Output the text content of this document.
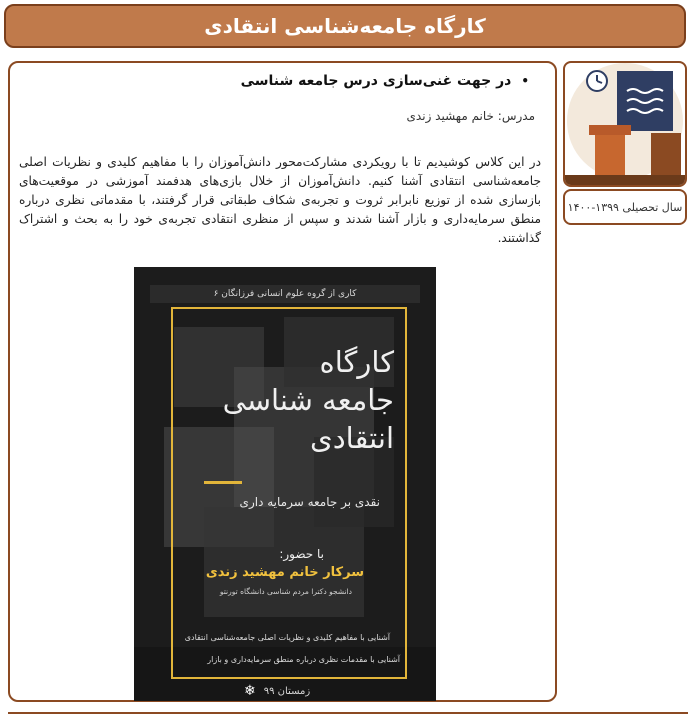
کارگاه جامعه‌شناسی انتقادی
•
در جهت غنی‌سازی درس جامعه شناسی
مدرس: خانم مهشید زندی
در این کلاس کوشیدیم تا با رویکردی مشارکت‌محور دانش‌آموزان را با مفاهیم کلیدی و نظریات اصلی جامعه‌شناسی انتقادی آشنا کنیم. دانش‌آموزان از خلال بازی‌های هدفمند آموزشی در موقعیت‌های بازسازی شده از توزیع نابرابر ثروت و تجربه‌ی شکاف طبقاتی قرار گرفتند، با مقدماتی نظری درباره منطق سرمایه‌داری و بازار آشنا شدند و سپس از منظری انتقادی تجربه‌ی خود را به بحث و اشتراک گذاشتند.
کاری از گروه علوم انسانی فرزانگان ۶
کارگاه
جامعه شناسی
انتقادی
نقدی بر جامعه سرمایه داری
با حضور:
سرکار خانم مهشید زندی
دانشجو دکترا مردم شناسی دانشگاه تورنتو
آشنایی با مفاهیم کلیدی و نظریات اصلی جامعه‌شناسی انتقادی
آشنایی با مقدمات نظری درباره منطق سرمایه‌داری و بازار
زمستان ۹۹
❄
سال تحصیلی ۱۳۹۹-۱۴۰۰
